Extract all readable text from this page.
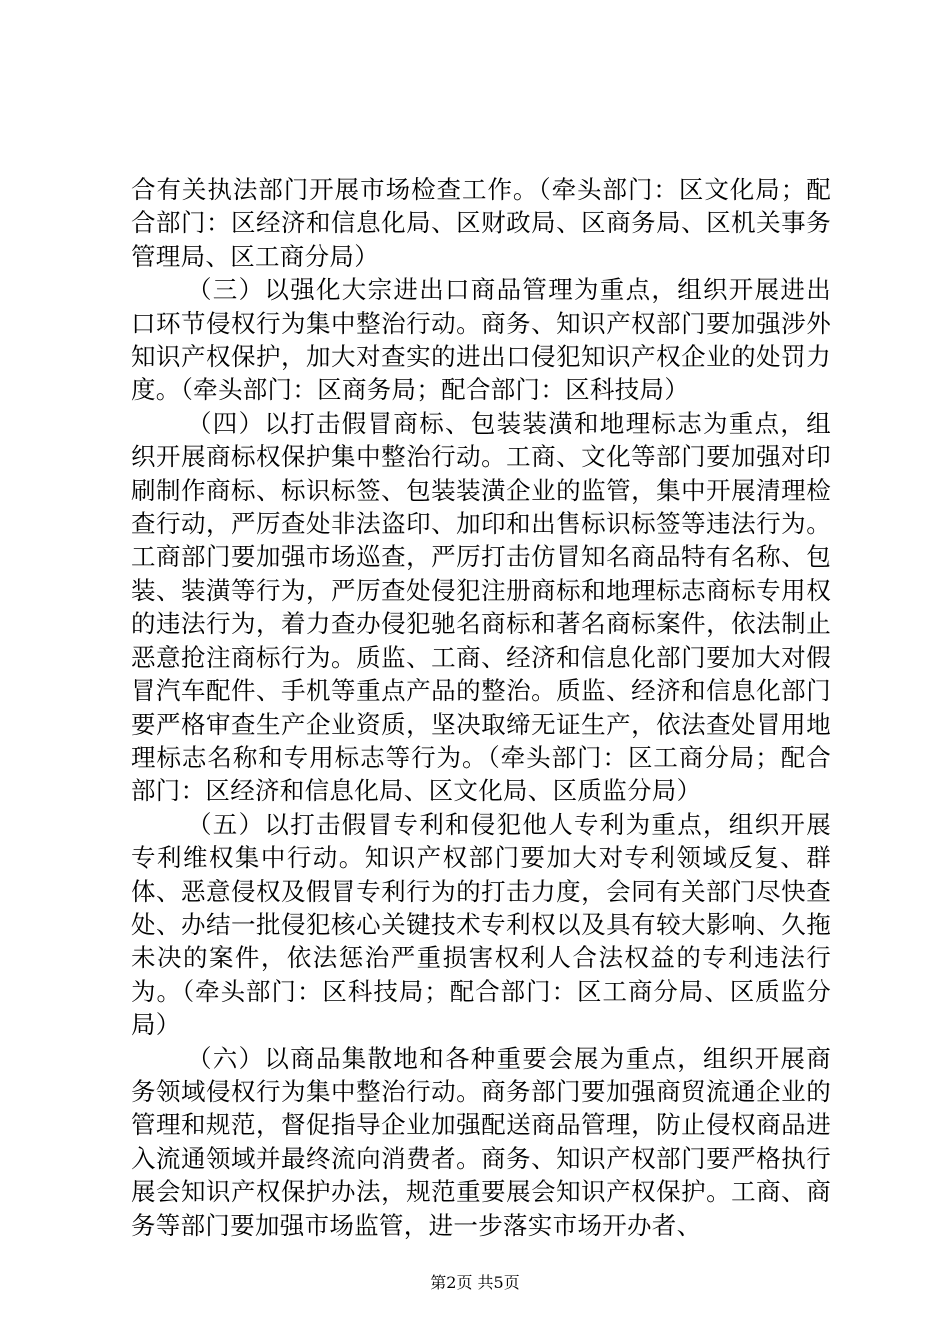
合有关执法部门开展市场检查工作。（牵头部门：区文化局；配合部门：区经济和信息化局、区财政局、区商务局、区机关事务管理局、区工商分局）

（三）以强化大宗进出口商品管理为重点，组织开展进出口环节侵权行为集中整治行动。商务、知识产权部门要加强涉外知识产权保护，加大对查实的进出口侵犯知识产权企业的处罚力度。（牵头部门：区商务局；配合部门：区科技局）

（四）以打击假冒商标、包装装潢和地理标志为重点，组织开展商标权保护集中整治行动。工商、文化等部门要加强对印刷制作商标、标识标签、包装装潢企业的监管，集中开展清理检查行动，严厉查处非法盗印、加印和出售标识标签等违法行为。工商部门要加强市场巡查，严厉打击仿冒知名商品特有名称、包装、装潢等行为，严厉查处侵犯注册商标和地理标志商标专用权的违法行为，着力查办侵犯驰名商标和著名商标案件，依法制止恶意抢注商标行为。质监、工商、经济和信息化部门要加大对假冒汽车配件、手机等重点产品的整治。质监、经济和信息化部门要严格审查生产企业资质，坚决取缔无证生产，依法查处冒用地理标志名称和专用标志等行为。（牵头部门：区工商分局；配合部门：区经济和信息化局、区文化局、区质监分局）

（五）以打击假冒专利和侵犯他人专利为重点，组织开展专利维权集中行动。知识产权部门要加大对专利领域反复、群体、恶意侵权及假冒专利行为的打击力度，会同有关部门尽快查处、办结一批侵犯核心关键技术专利权以及具有较大影响、久拖未决的案件，依法惩治严重损害权利人合法权益的专利违法行为。（牵头部门：区科技局；配合部门：区工商分局、区质监分局）

（六）以商品集散地和各种重要会展为重点，组织开展商务领域侵权行为集中整治行动。商务部门要加强商贸流通企业的管理和规范，督促指导企业加强配送商品管理，防止侵权商品进入流通领域并最终流向消费者。商务、知识产权部门要严格执行展会知识产权保护办法，规范重要展会知识产权保护。工商、商务等部门要加强市场监管，进一步落实市场开办者、

第2页 共5页
